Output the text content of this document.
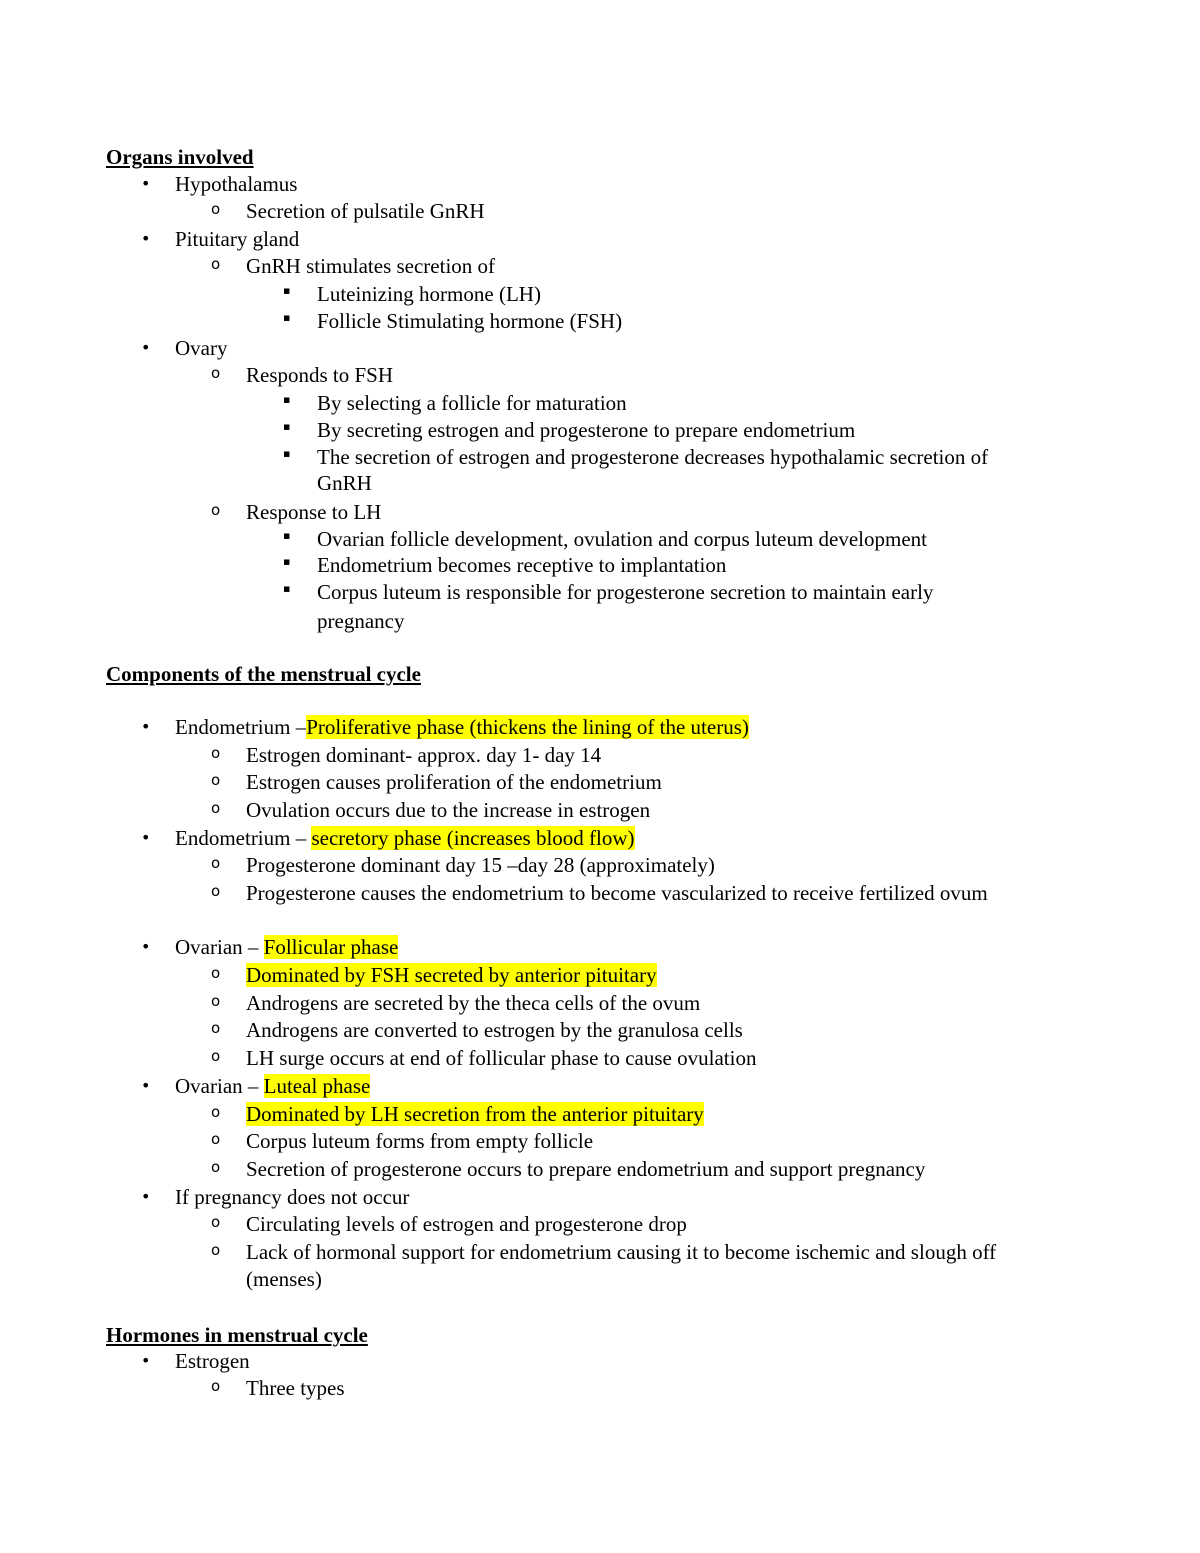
Organs involved
• Hypothalamus
o Secretion of pulsatile GnRH
• Pituitary gland
o GnRH stimulates secretion of
▪ Luteinizing hormone (LH)
▪ Follicle Stimulating hormone (FSH)
• Ovary
o Responds to FSH
▪ By selecting a follicle for maturation
▪ By secreting estrogen and progesterone to prepare endometrium
▪ The secretion of estrogen and progesterone decreases hypothalamic secretion of
GnRH
o Response to LH
▪ Ovarian follicle development, ovulation and corpus luteum development
▪ Endometrium becomes receptive to implantation
▪ Corpus luteum is responsible for progesterone secretion to maintain early
pregnancy
Components of the menstrual cycle
• Endometrium –Proliferative phase (thickens the lining of the uterus)
o Estrogen dominant- approx. day 1- day 14
o Estrogen causes proliferation of the endometrium
o Ovulation occurs due to the increase in estrogen
• Endometrium – secretory phase (increases blood flow)
o Progesterone dominant day 15 –day 28 (approximately)
o Progesterone causes the endometrium to become vascularized to receive fertilized ovum
• Ovarian – Follicular phase
o Dominated by FSH secreted by anterior pituitary
o Androgens are secreted by the theca cells of the ovum
o Androgens are converted to estrogen by the granulosa cells
o LH surge occurs at end of follicular phase to cause ovulation
• Ovarian – Luteal phase
o Dominated by LH secretion from the anterior pituitary
o Corpus luteum forms from empty follicle
o Secretion of progesterone occurs to prepare endometrium and support pregnancy
• If pregnancy does not occur
o Circulating levels of estrogen and progesterone drop
o Lack of hormonal support for endometrium causing it to become ischemic and slough off
(menses)
Hormones in menstrual cycle
• Estrogen
o Three types
